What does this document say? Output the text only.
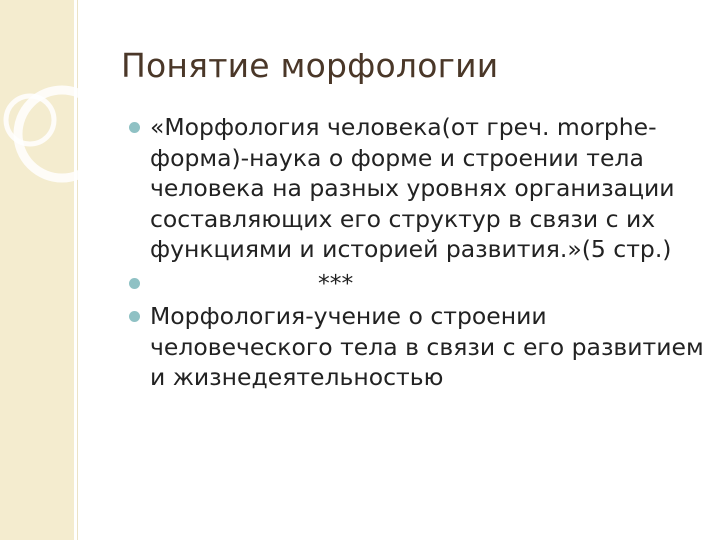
Понятие морфологии
«Морфология человека(от греч. morphe-форма)-наука о форме и строении тела человека на разных уровнях организации составляющих его структур в связи с их функциями и историей развития.»(5 стр.)
***
Морфология-учение о строении человеческого тела в связи с его развитием и жизнедеятельностью
